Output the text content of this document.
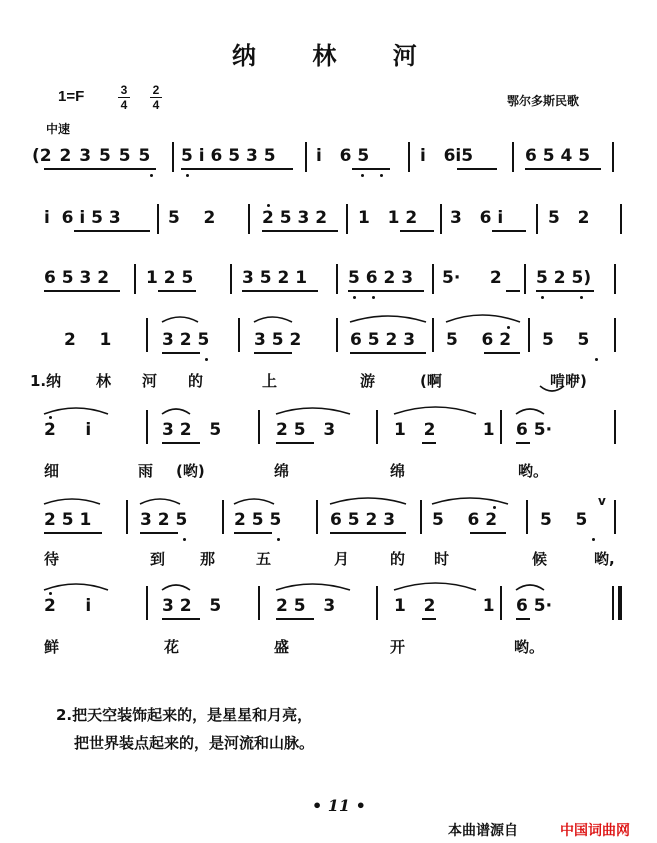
纳 林 河
1=F	3
4
2
4	鄂尔多斯民歌
中速
(2 2 3 5 5 5 5 i 6 5 3 5 i   6 5	i   6i5	6 5 4 5
i  6 i 5 3	5    2	2 5 3 2 1   1 2 3   6 i	5   2
6 5 3 2 1 2 5	3 5 2 1 5 6 2 3 5·     2 5 2 5)
2    1	3 2 5	3 5 2	6 5 2 3 5    6 2 5    5
1.纳 林 河 的	上	游	(啊	啃咿)
2     i	3 2   5	2 5   3	1   2        1 6 5·
细	雨 (哟)	绵	绵	哟。
2 5 1	3 2 5	2 5 5	6 5 2 3 5    6 2	5    5
v
待	到 那	五	月	的 时	候	哟,
2     i	3 2   5	2 5   3	1   2        1 6 5·
鲜	花	盛	开	哟。
2.把天空装饰起来的，是星星和月亮，
把世界装点起来的，是河流和山脉。
• 11 •
本曲谱源自	中国词曲网
